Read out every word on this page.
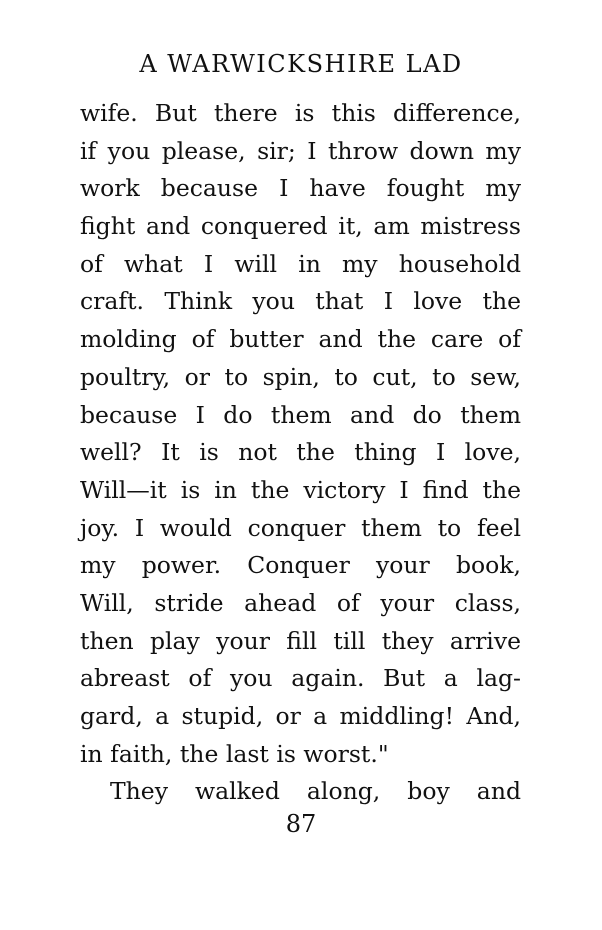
A WARWICKSHIRE LAD
wife. But there is this difference,
if you please, sir; I throw down my
work because I have fought my
fight and conquered it, am mistress
of what I will in my household
craft. Think you that I love the
molding of butter and the care of
poultry, or to spin, to cut, to sew,
because I do them and do them
well? It is not the thing I love,
Will—it is in the victory I find the
joy. I would conquer them to feel
my power. Conquer your book,
Will, stride ahead of your class,
then play your fill till they arrive
abreast of you again. But a lag-
gard, a stupid, or a middling! And,
in faith, the last is worst."
They walked along, boy and
87
